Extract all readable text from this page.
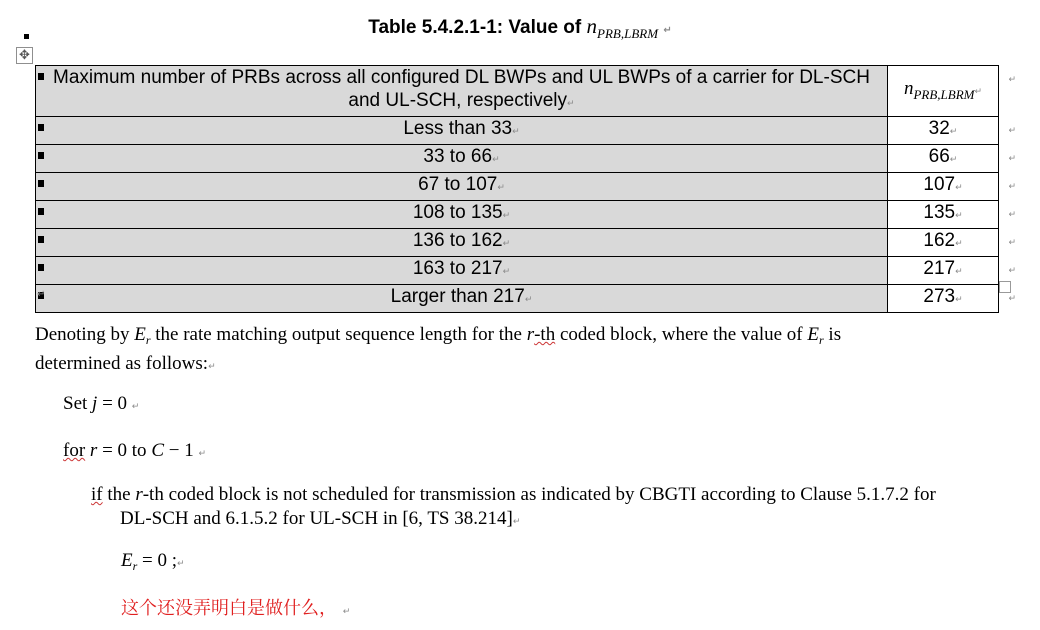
Table 5.4.2.1-1: Value of $n_{PRB,LBRM}$ ↵
✥
Maximum number of PRBs across all configured DL BWPs and UL BWPs of a carrier for DL-SCH and UL-SCH, respectively↵	$n_{PRB,LBRM}↵$
↵

Less than 33↵	32↵ ↵

33 to 66↵	66↵ ↵

67 to 107↵	107↵ ↵

108 to 135↵	135↵ ↵

136 to 162↵	162↵ ↵

163 to 217↵	217↵ ↵

Larger than 217↵	273↵ ↵
↵
Denoting by $E_r$ the rate matching output sequence length for the r-th coded block, where the value of $E_r$ is
determined as follows:↵
Set j = 0 ↵
for r = 0 to C − 1 ↵
if the r-th coded block is not scheduled for transmission as indicated by CBGTI according to Clause 5.1.7.2 for
DL-SCH and 6.1.5.2 for UL-SCH in [6, TS 38.214]↵
$E_r = 0$ ;↵
这个还没弄明白是做什么， ↵
